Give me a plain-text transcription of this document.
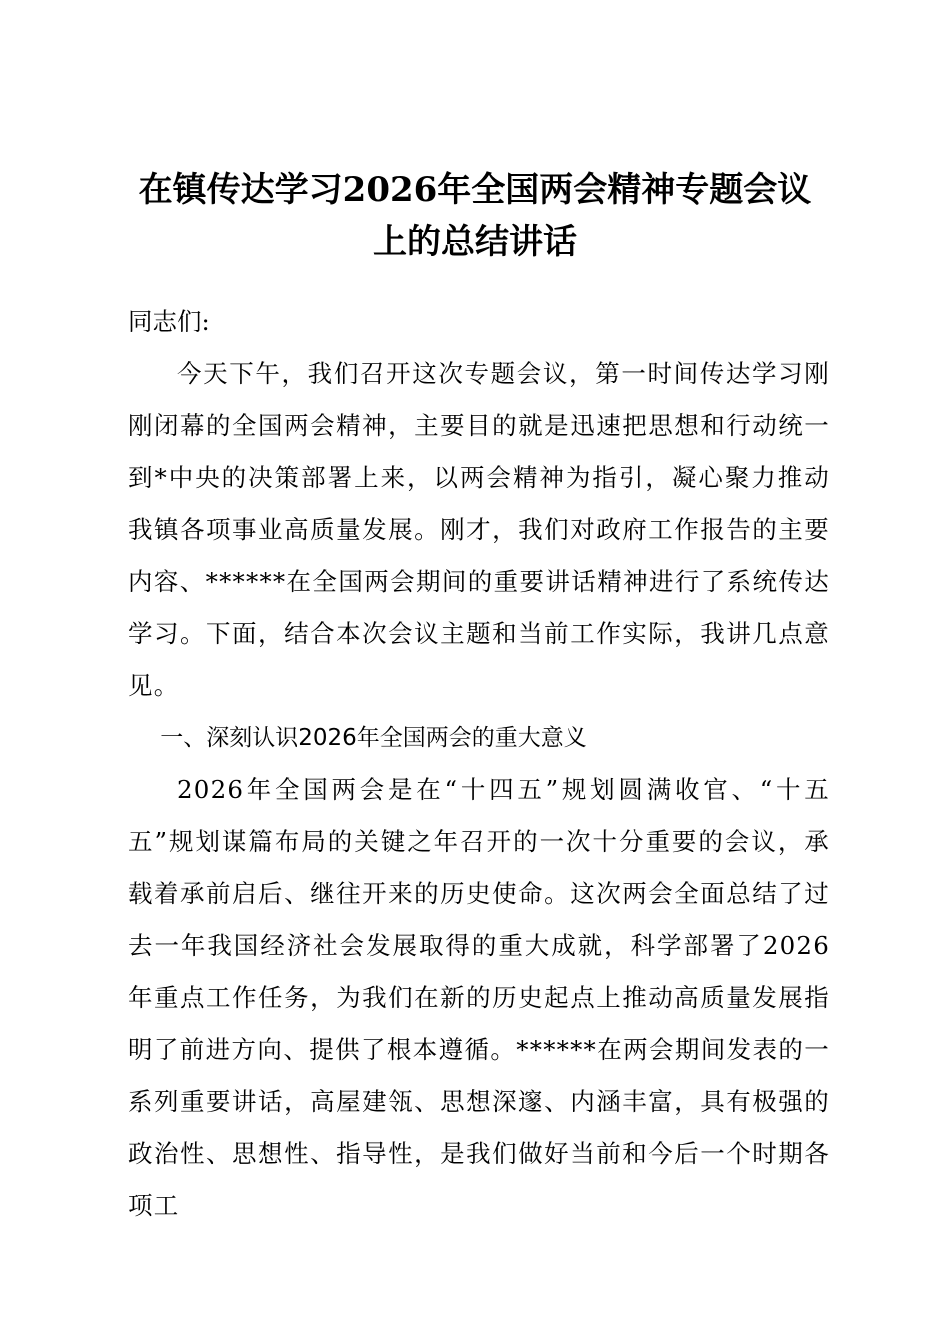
在镇传达学习2026年全国两会精神专题会议
上的总结讲话

同志们:

今天下午，我们召开这次专题会议，第一时间传达学习刚刚闭幕的全国两会精神，主要目的就是迅速把思想和行动统一到*中央的决策部署上来，以两会精神为指引，凝心聚力推动我镇各项事业高质量发展。刚才，我们对政府工作报告的主要内容、******在全国两会期间的重要讲话精神进行了系统传达学习。下面，结合本次会议主题和当前工作实际，我讲几点意见。

一、深刻认识2026年全国两会的重大意义

2026年全国两会是在“十四五”规划圆满收官、“十五五”规划谋篇布局的关键之年召开的一次十分重要的会议，承载着承前启后、继往开来的历史使命。这次两会全面总结了过去一年我国经济社会发展取得的重大成就，科学部署了2026年重点工作任务，为我们在新的历史起点上推动高质量发展指明了前进方向、提供了根本遵循。******在两会期间发表的一系列重要讲话，高屋建瓴、思想深邃、内涵丰富，具有极强的政治性、思想性、指导性，是我们做好当前和今后一个时期各项工
